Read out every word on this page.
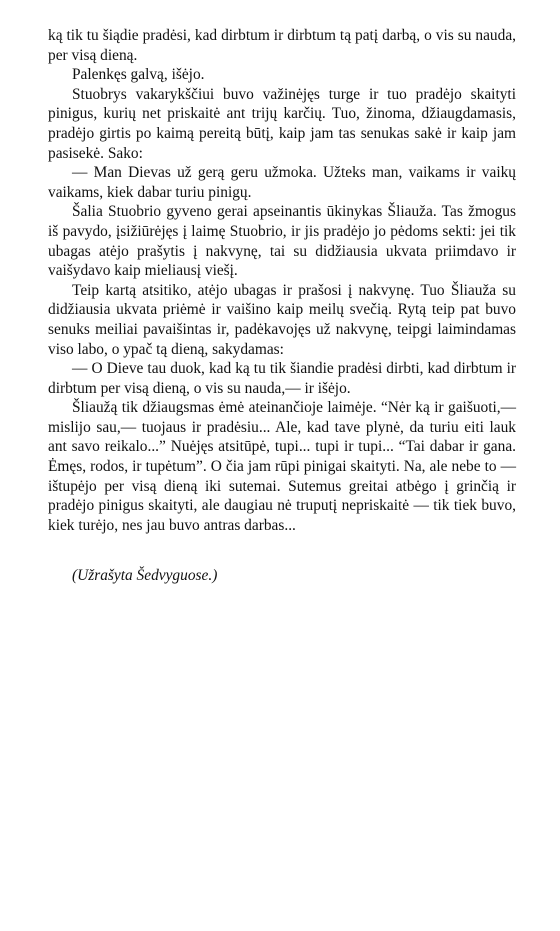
ką tik tu šiądie pradėsi, kad dirbtum ir dirbtum tą patį darbą, o vis su nauda, per visą dieną.

Palenkęs galvą, išėjo.

Stuobrys vakarykščiui buvo važinėjęs turge ir tuo pradėjo skaityti pinigus, kurių net priskaitė ant trijų karčių. Tuo, žinoma, džiaugdamasis, pradėjo girtis po kaimą pereitą būtį, kaip jam tas senukas sakė ir kaip jam pasisekė. Sako:

— Man Dievas už gerą geru užmoka. Užteks man, vaikams ir vaikų vaikams, kiek dabar turiu pinigų.

Šalia Stuobrio gyveno gerai apseinantis ūkinykas Šliauža. Tas žmogus iš pavydo, įsižiūrėjęs į laimę Stuobrio, ir jis pradėjo jo pėdoms sekti: jei tik ubagas atėjo prašytis į nakvynę, tai su didžiausia ukvata priimdavo ir vaišydavo kaip mieliausį viešį.

Teip kartą atsitiko, atėjo ubagas ir prašosi į nakvynę. Tuo Šliauža su didžiausia ukvata priėmė ir vaišino kaip meilų svečią. Rytą teip pat buvo senuks meiliai pavaišintas ir, padėkavojęs už nakvynę, teipgi laimindamas viso labo, o ypač tą dieną, sakydamas:

— O Dieve tau duok, kad ką tu tik šiandie pradėsi dirbti, kad dirbtum ir dirbtum per visą dieną, o vis su nauda,— ir išėjo.

Šliaužą tik džiaugsmas ėmė ateinančioje laimėje. “Nėr ką ir gaišuoti,— mislijo sau,— tuojaus ir pradėsiu... Ale, kad tave plynė, da turiu eiti lauk ant savo reikalo...” Nuėjęs atsitūpė, tupi... tupi ir tupi... “Tai dabar ir gana. Ėmęs, rodos, ir tupėtum”. O čia jam rūpi pinigai skaityti. Na, ale nebe to — ištupėjo per visą dieną iki sutemai. Sutemus greitai atbėgo į grinčią ir pradėjo pinigus skaityti, ale daugiau nė truputį nepriskaitė — tik tiek buvo, kiek turėjo, nes jau buvo antras darbas...

(Užrašyta Šedvyguose.)
